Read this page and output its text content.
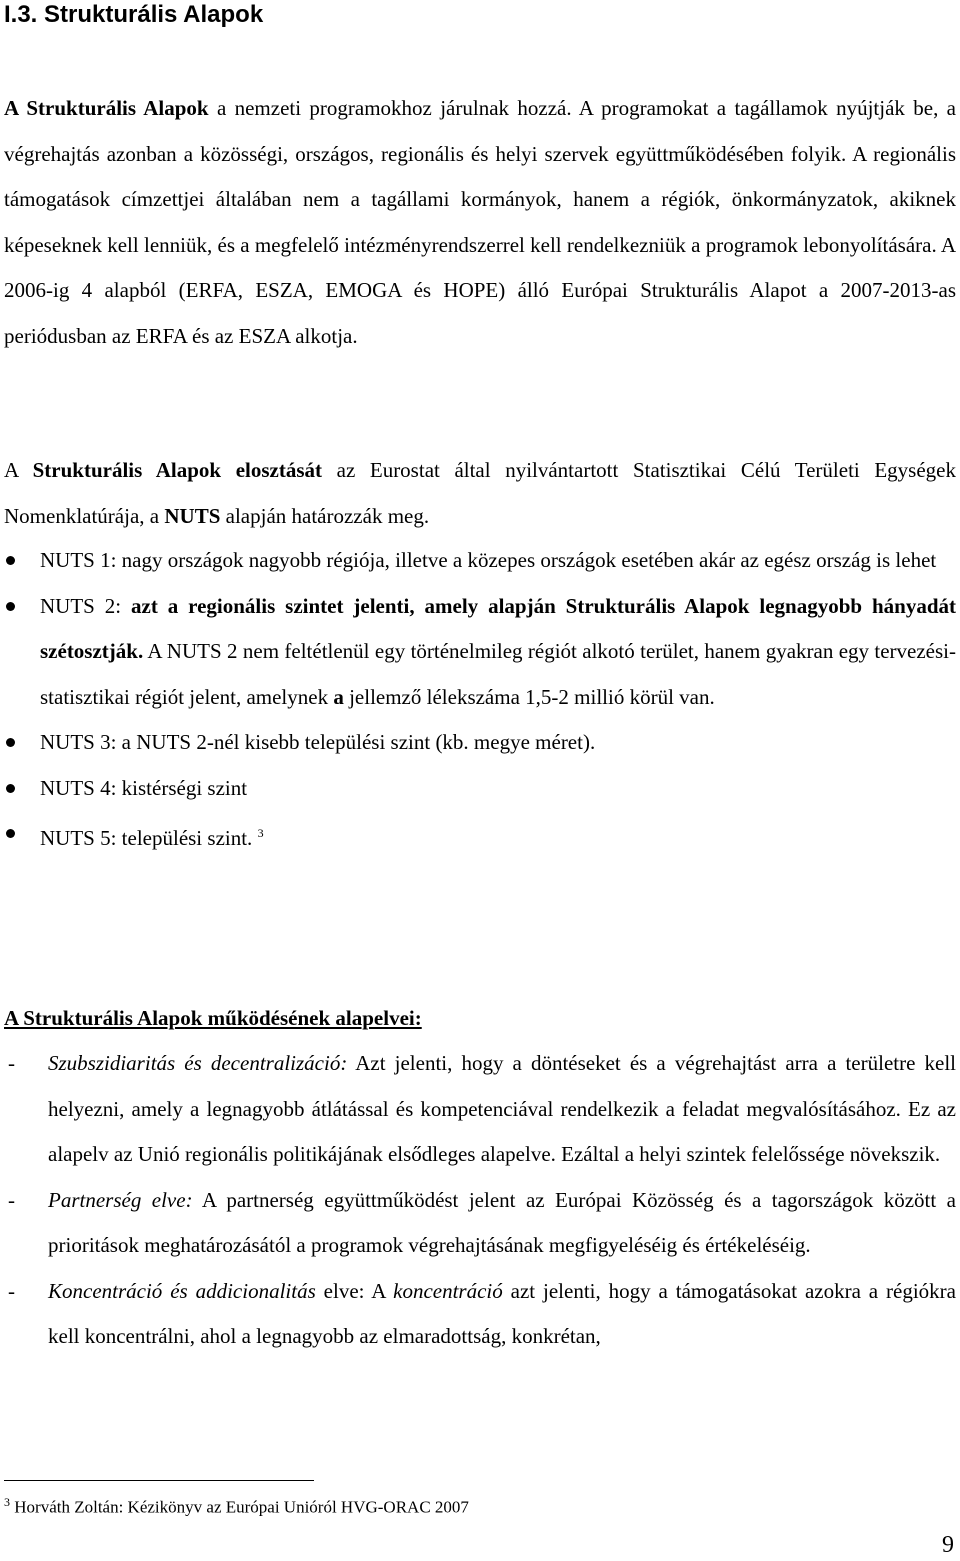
I.3. Strukturális Alapok
A Strukturális Alapok a nemzeti programokhoz járulnak hozzá. A programokat a tagállamok nyújtják be, a végrehajtás azonban a közösségi, országos, regionális és helyi szervek együttműködésében folyik. A regionális támogatások címzettjei általában nem a tagállami kormányok, hanem a régiók, önkormányzatok, akiknek képeseknek kell lenniük, és a megfelelő intézményrendszerrel kell rendelkezniük a programok lebonyolítására. A 2006-ig 4 alapból (ERFA, ESZA, EMOGA és HOPE) álló Európai Strukturális Alapot a 2007-2013-as periódusban az ERFA és az ESZA alkotja.
A Strukturális Alapok elosztását az Eurostat által nyilvántartott Statisztikai Célú Területi Egységek Nomenklatúrája, a NUTS alapján határozzák meg.
NUTS 1: nagy országok nagyobb régiója, illetve a közepes országok esetében akár az egész ország is lehet
NUTS 2: azt a regionális szintet jelenti, amely alapján Strukturális Alapok legnagyobb hányadát szétosztják. A NUTS 2 nem feltétlenül egy történelmileg régiót alkotó terület, hanem gyakran egy tervezési-statisztikai régiót jelent, amelynek a jellemző lélekszáma 1,5-2 millió körül van.
NUTS 3: a NUTS 2-nél kisebb települési szint (kb. megye méret).
NUTS 4: kistérségi szint
NUTS 5: települési szint. $^3$
A Strukturális Alapok működésének alapelvei:
- Szubszidiaritás és decentralizáció: Azt jelenti, hogy a döntéseket és a végrehajtást arra a területre kell helyezni, amely a legnagyobb átlátással és kompetenciával rendelkezik a feladat megvalósításához. Ez az alapelv az Unió regionális politikájának elsődleges alapelve. Ezáltal a helyi szintek felelőssége növekszik.
- Partnerség elve: A partnerség együttműködést jelent az Európai Közösség és a tagországok között a prioritások meghatározásától a programok végrehajtásának megfigyeléséig és értékeléséig.
- Koncentráció és addicionalitás elve: A koncentráció azt jelenti, hogy a támogatásokat azokra a régiókra kell koncentrálni, ahol a legnagyobb az elmaradottság, konkrétan,
$^3$ Horváth Zoltán: Kézikönyv az Európai Unióról HVG-ORAC 2007
9
